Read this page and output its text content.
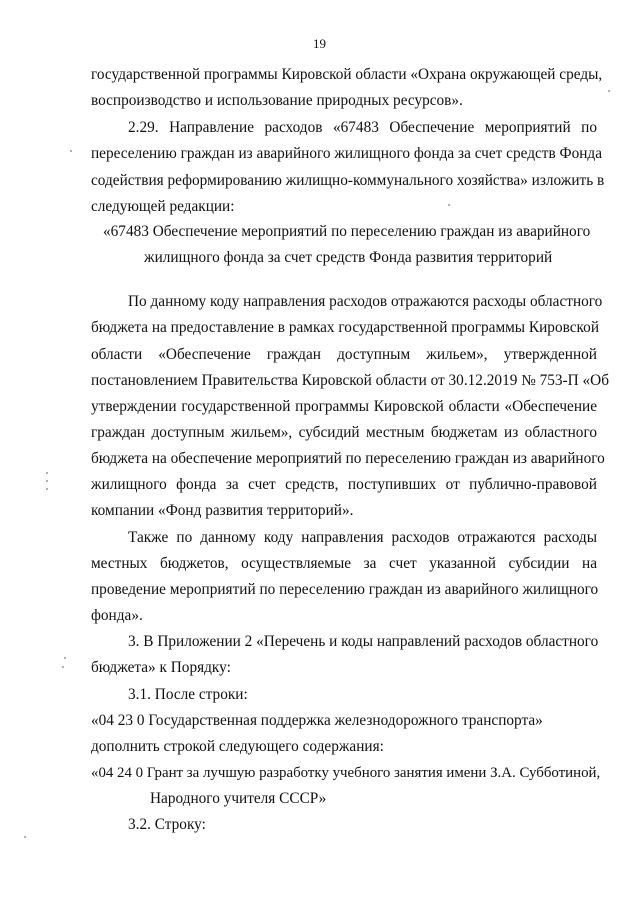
19
государственной программы Кировской области «Охрана окружающей среды,
воспроизводство и использование природных ресурсов».
2.29. Направление расходов «67483 Обеспечение мероприятий по
переселению граждан из аварийного жилищного фонда за счет средств Фонда
содействия реформированию жилищно-коммунального хозяйства» изложить в
следующей редакции:
«67483 Обеспечение мероприятий по переселению граждан из аварийного
жилищного фонда за счет средств Фонда развития территорий
По данному коду направления расходов отражаются расходы областного
бюджета на предоставление в рамках государственной программы Кировской
области «Обеспечение граждан доступным жильем», утвержденной
постановлением Правительства Кировской области от 30.12.2019 № 753-П «Об
утверждении государственной программы Кировской области «Обеспечение
граждан доступным жильем», субсидий местным бюджетам из областного
бюджета на обеспечение мероприятий по переселению граждан из аварийного
жилищного фонда за счет средств, поступивших от публично-правовой
компании «Фонд развития территорий».
Также по данному коду направления расходов отражаются расходы
местных бюджетов, осуществляемые за счет указанной субсидии на
проведение мероприятий по переселению граждан из аварийного жилищного
фонда».
3. В Приложении 2 «Перечень и коды направлений расходов областного
бюджета» к Порядку:
3.1. После строки:
«04 23 0 Государственная поддержка железнодорожного транспорта»
дополнить строкой следующего содержания:
«04 24 0 Грант за лучшую разработку учебного занятия имени З.А. Субботиной,
Народного учителя СССР»
3.2. Строку:
